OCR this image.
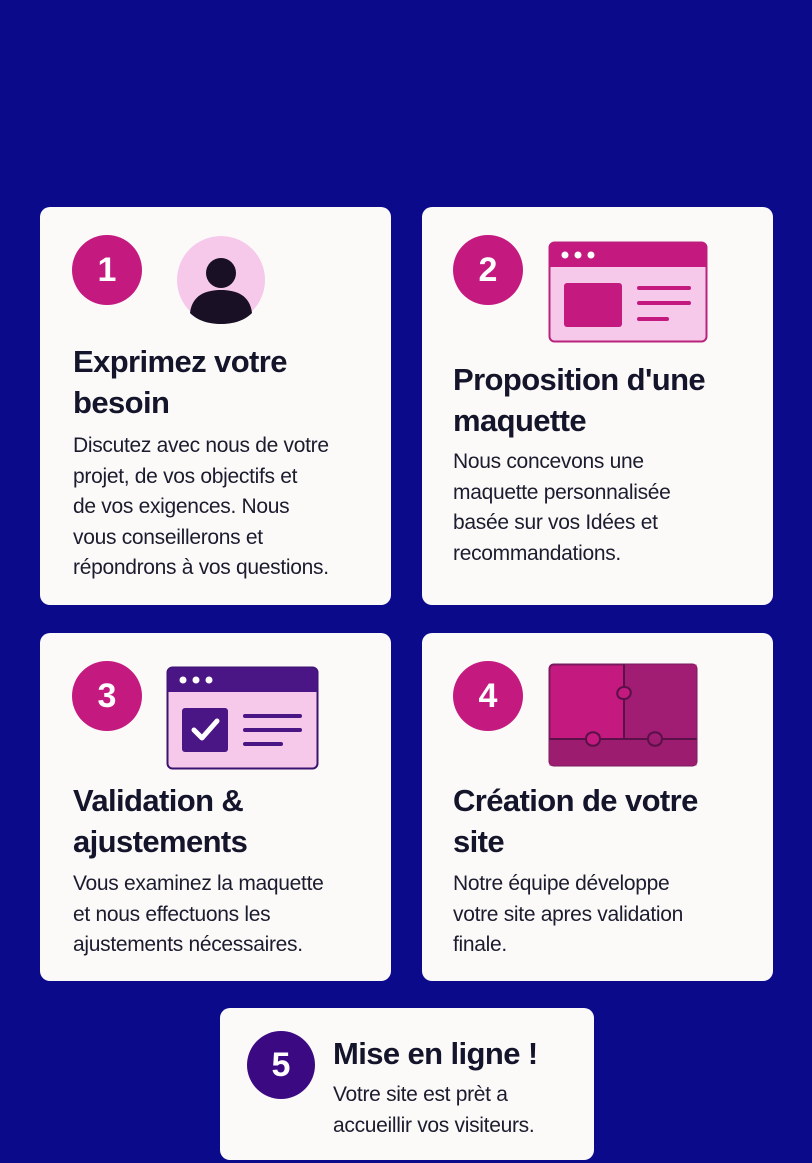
1
Exprimez votre
besoin

Discutez avec nous de votre
projet, de vos objectifs et
de vos exigences. Nous
vous conseillerons et
répondrons à vos questions.

2
Proposition d'une
maquette

Nous concevons une
maquette personnalisée
basée sur vos Idées et
recommandations.

3
Validation &
ajustements

Vous examinez la maquette
et nous effectuons les
ajustements nécessaires.

4
Création de votre
site

Notre équipe développe
votre site apres validation
finale.

5	Mise en ligne !

Votre site est prèt a
accueillir vos visiteurs.
